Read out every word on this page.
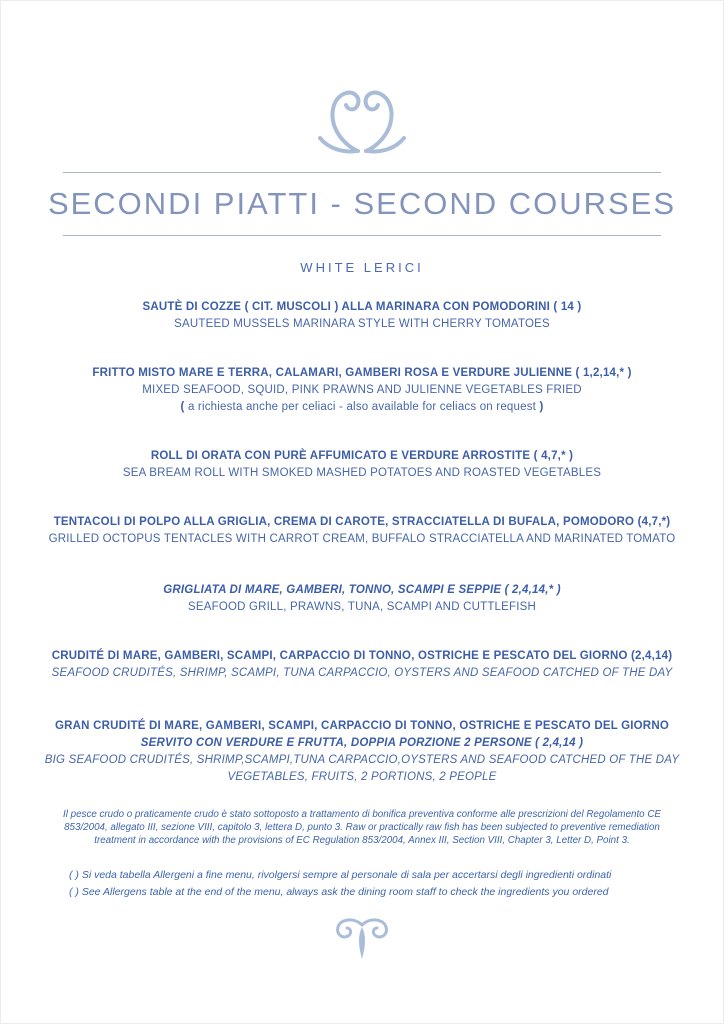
SECONDI PIATTI - SECOND COURSES
WHITE LERICI
SAUTÈ DI COZZE ( CIT. MUSCOLI ) ALLA MARINARA CON POMODORINI ( 14 )
SAUTEED MUSSELS MARINARA STYLE WITH CHERRY TOMATOES
FRITTO MISTO MARE E TERRA, CALAMARI, GAMBERI ROSA E VERDURE JULIENNE ( 1,2,14,* )
MIXED SEAFOOD, SQUID, PINK PRAWNS AND JULIENNE VEGETABLES FRIED
( a richiesta anche per celiaci - also available for celiacs on request )
ROLL DI ORATA CON PURÈ AFFUMICATO E VERDURE ARROSTITE ( 4,7,* )
SEA BREAM ROLL WITH SMOKED MASHED POTATOES AND ROASTED VEGETABLES
TENTACOLI DI POLPO ALLA GRIGLIA, CREMA DI CAROTE, STRACCIATELLA DI BUFALA, POMODORO (4,7,*)
GRILLED OCTOPUS TENTACLES WITH CARROT CREAM, BUFFALO STRACCIATELLA AND MARINATED TOMATO
GRIGLIATA DI MARE, GAMBERI, TONNO, SCAMPI E SEPPIE ( 2,4,14,* )
SEAFOOD GRILL, PRAWNS, TUNA, SCAMPI AND CUTTLEFISH
CRUDITÉ DI MARE, GAMBERI, SCAMPI, CARPACCIO DI TONNO, OSTRICHE E PESCATO DEL GIORNO (2,4,14)
SEAFOOD CRUDITÉS, SHRIMP, SCAMPI, TUNA CARPACCIO, OYSTERS AND SEAFOOD CATCHED OF THE DAY
GRAN CRUDITÉ DI MARE, GAMBERI, SCAMPI, CARPACCIO DI TONNO, OSTRICHE E PESCATO DEL GIORNO
SERVITO CON VERDURE E FRUTTA, DOPPIA PORZIONE 2 PERSONE ( 2,4,14 )
BIG SEAFOOD CRUDITÉS, SHRIMP,SCAMPI,TUNA CARPACCIO,OYSTERS AND SEAFOOD CATCHED OF THE DAY
VEGETABLES, FRUITS, 2 PORTIONS, 2 PEOPLE
Il pesce crudo o praticamente crudo è stato sottoposto a trattamento di bonifica preventiva conforme alle prescrizioni del Regolamento CE 853/2004, allegato III, sezione VIII, capitolo 3, lettera D, punto 3. Raw or practically raw fish has been subjected to preventive remediation treatment in accordance with the provisions of EC Regulation 853/2004, Annex III, Section VIII, Chapter 3, Letter D, Point 3.
( ) Si veda tabella Allergeni a fine menu, rivolgersi sempre al personale di sala per accertarsi degli ingredienti ordinati
( ) See Allergens table at the end of the menu, always ask the dining room staff to check the ingredients you ordered
